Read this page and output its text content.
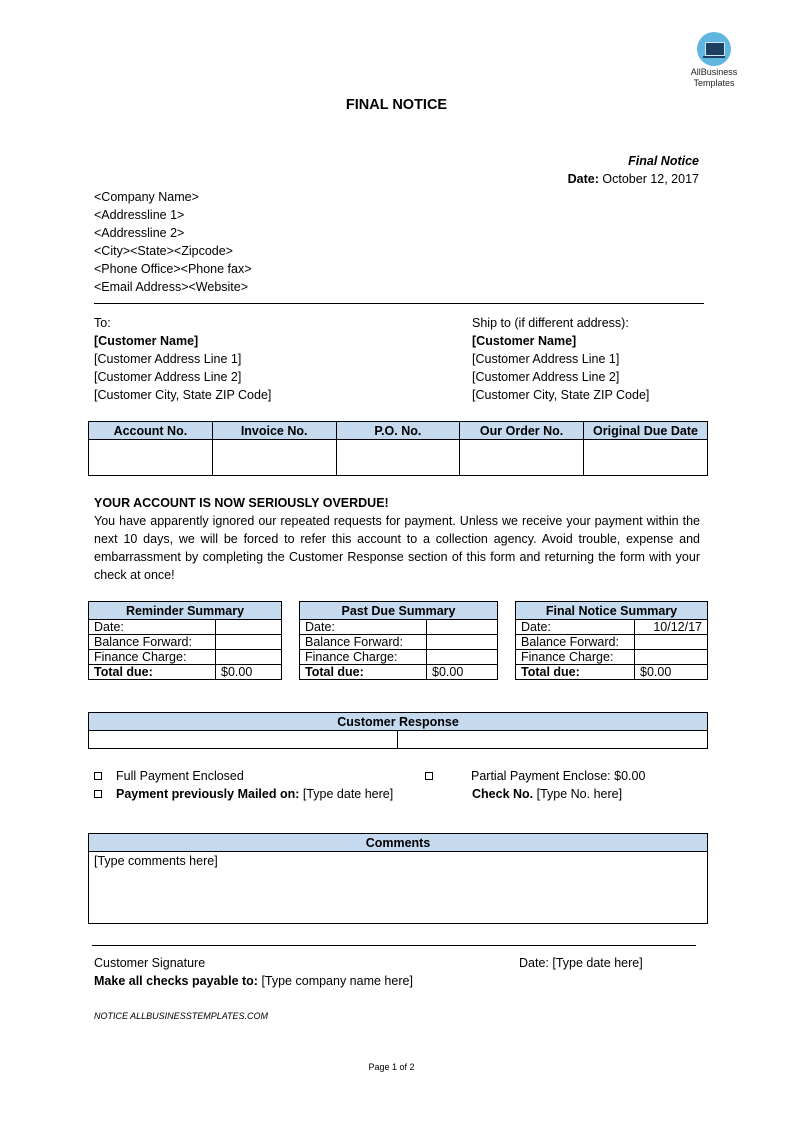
AllBusiness
Templates
FINAL NOTICE
Final Notice
Date: October 12, 2017
<Company Name>
<Addressline 1>
<Addressline 2>
<City><State><Zipcode>
<Phone Office><Phone fax>
<Email Address><Website>
To:
[Customer Name]
[Customer Address Line 1]
[Customer Address Line 2]
[Customer City, State ZIP Code]
Ship to (if different address):
[Customer Name]
[Customer Address Line 1]
[Customer Address Line 2]
[Customer City, State ZIP Code]
Account No.	Invoice No.	P.O. No.	Our Order No.	Original Due Date

YOUR ACCOUNT IS NOW SERIOUSLY OVERDUE!
You have apparently ignored our repeated requests for payment. Unless we receive your payment within the next 10 days, we will be forced to refer this account to a collection agency. Avoid trouble, expense and embarrassment by completing the Customer Response section of this form and returning the form with your check at once!
Reminder Summary	
Date:	
Balance Forward:	
Finance Charge:	
Total due:	$0.00
Past Due Summary	
Date:	
Balance Forward:	
Finance Charge:	
Total due:	$0.00
Final Notice Summary	
Date:	10/12/17
Balance Forward:	
Finance Charge:	
Total due:	$0.00
Customer Response

Full Payment Enclosed
Payment previously Mailed on: [Type date here]
Partial Payment Enclose: $0.00
Check No. [Type No. here]
Comments
[Type comments here]
Customer Signature	Date: [Type date here]
Make all checks payable to: [Type company name here]
NOTICE ALLBUSINESSTEMPLATES.COM
Page 1 of 2
